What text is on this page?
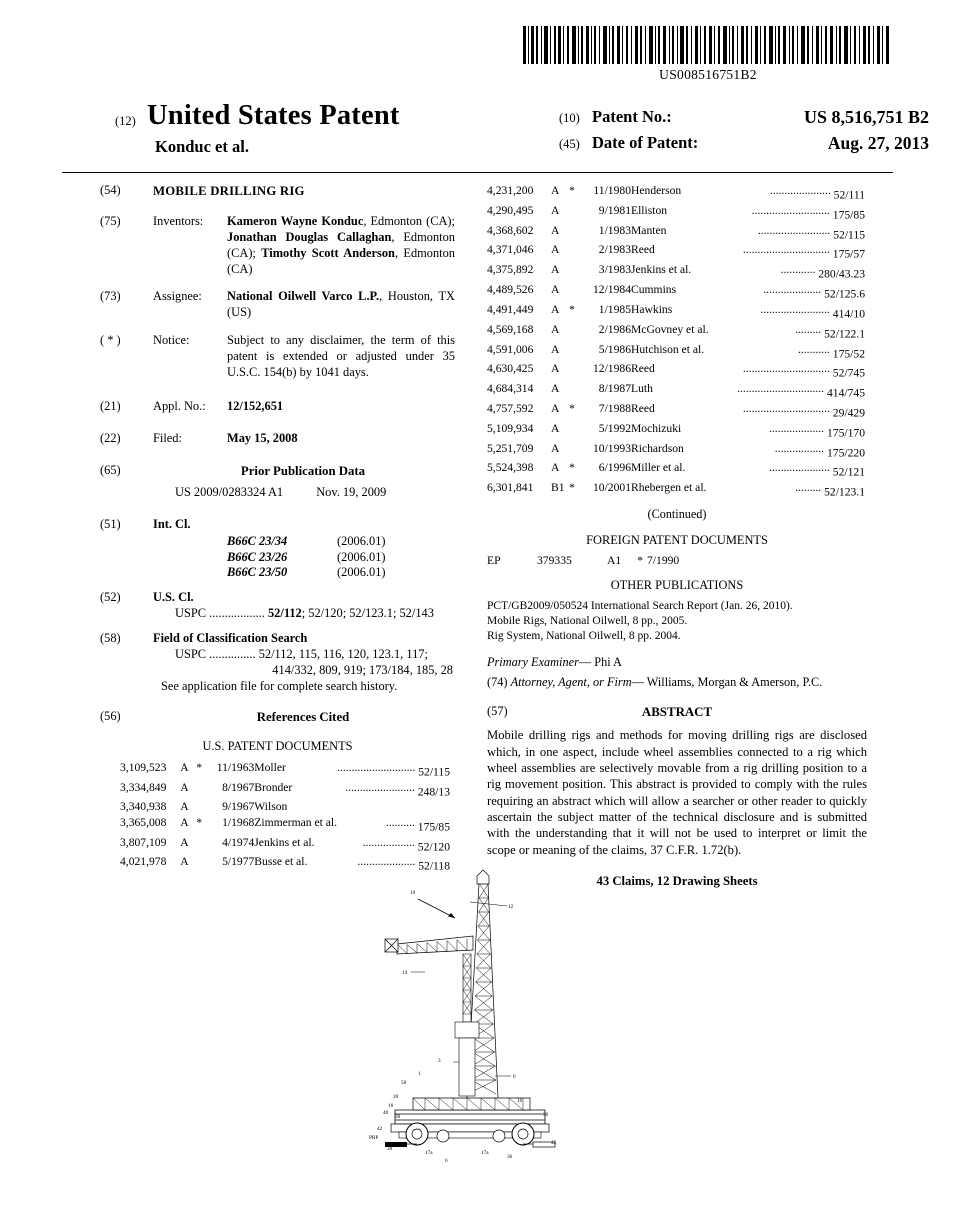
US008516751B2
(12) United States Patent
Konduc et al.
(10) Patent No.:	US 8,516,751 B2
(45) Date of Patent:	Aug. 27, 2013
(54)	MOBILE DRILLING RIG
(75)	Inventors: Kameron Wayne Konduc, Edmonton (CA); Jonathan Douglas Callaghan, Edmonton (CA); Timothy Scott Anderson, Edmonton (CA)
(73)	Assignee: National Oilwell Varco L.P., Houston, TX (US)
( * )	Notice:	Subject to any disclaimer, the term of this patent is extended or adjusted under 35 U.S.C. 154(b) by 1041 days.
(21)	Appl. No.: 12/152,651
(22)	Filed:	May 15, 2008
(65)	Prior Publication Data
US 2009/0283324 A1	Nov. 19, 2009
(51)	Int. Cl.
B66C 23/34	(2006.01)
B66C 23/26	(2006.01)
B66C 23/50	(2006.01)
(52)	U.S. Cl.
USPC .................. 52/112; 52/120; 52/123.1; 52/143
(58)	Field of Classification Search
USPC ............... 52/112, 115, 116, 120, 123.1, 117;
414/332, 809, 919; 173/184, 185, 28
See application file for complete search history.
(56)	References Cited
U.S. PATENT DOCUMENTS
3,109,523	A	*	11/1963	Moller	........................... 52/115
3,334,849	A		8/1967	Bronder	........................ 248/13
3,340,938	A		9/1967	Wilson	
3,365,008	A	*	1/1968	Zimmerman et al.	.......... 175/85
3,807,109	A		4/1974	Jenkins et al.	.................. 52/120
4,021,978	A		5/1977	Busse et al.	.................... 52/118
4,231,200	A	*	11/1980	Henderson	..................... 52/111
4,290,495	A		9/1981	Elliston	........................... 175/85
4,368,602	A		1/1983	Manten	......................... 52/115
4,371,046	A		2/1983	Reed	.............................. 175/57
4,375,892	A		3/1983	Jenkins et al.	............ 280/43.23
4,489,526	A		12/1984	Cummins	.................... 52/125.6
4,491,449	A	*	1/1985	Hawkins	........................ 414/10
4,569,168	A		2/1986	McGovney et al.	......... 52/122.1
4,591,006	A		5/1986	Hutchison et al.	........... 175/52
4,630,425	A		12/1986	Reed	.............................. 52/745
4,684,314	A		8/1987	Luth	.............................. 414/745
4,757,592	A	*	7/1988	Reed	.............................. 29/429
5,109,934	A		5/1992	Mochizuki	................... 175/170
5,251,709	A		10/1993	Richardson	................. 175/220
5,524,398	A	*	6/1996	Miller et al.	..................... 52/121
6,301,841	B1	*	10/2001	Rhebergen et al.	......... 52/123.1
(Continued)
FOREIGN PATENT DOCUMENTS
EP	379335	A1	*	7/1990
OTHER PUBLICATIONS
PCT/GB2009/050524 International Search Report (Jan. 26, 2010).
Mobile Rigs, National Oilwell, 8 pp., 2005.
Rig System, National Oilwell, 8 pp. 2004.
Primary Examiner— Phi A
(74) Attorney, Agent, or Firm— Williams, Morgan & Amerson, P.C.
(57)	ABSTRACT
Mobile drilling rigs and methods for moving drilling rigs are disclosed which, in one aspect, include wheel assemblies connected to a rig which wheel assemblies are selectively movable from a rig drilling position to a rig movement position. This abstract is provided to comply with the rules requiring an abstract which will allow a searcher or other reader to quickly ascertain the subject matter of the technical disclosure and is submitted with the understanding that it will not be used to interpret or limit the scope or meaning of the claims, 37 C.F.R. 1.72(b).
43 Claims, 12 Drawing Sheets
10
12
14
3
1	6
50
20
16
16
30
40	30
42
42
PRP
38
17a	17a
36
6
